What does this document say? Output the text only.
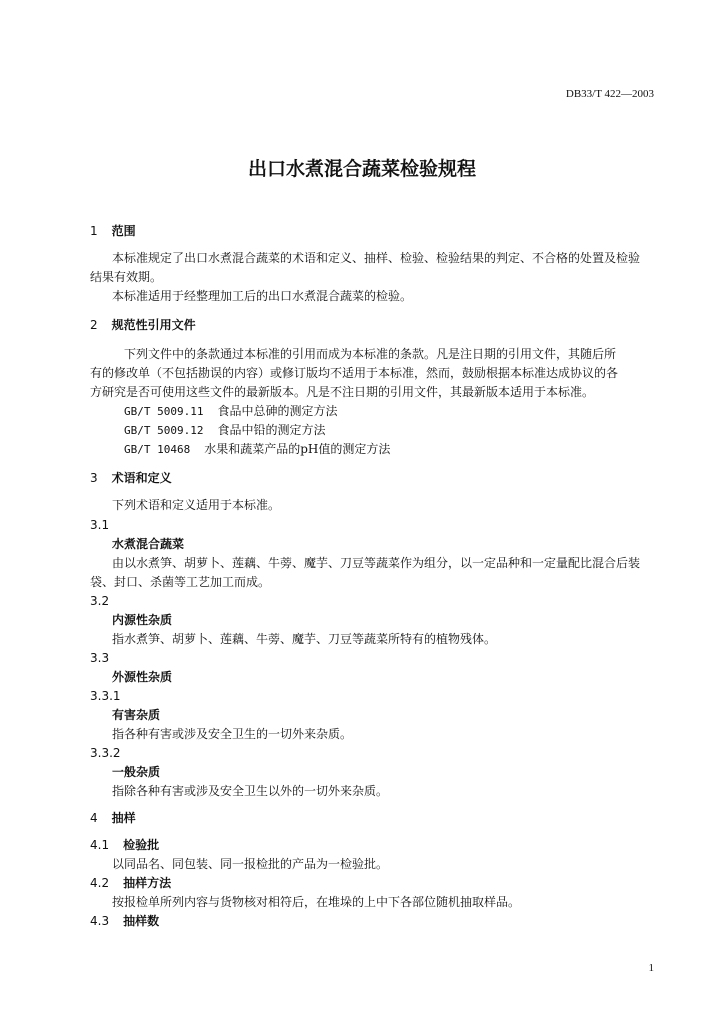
DB33/T 422—2003
出口水煮混合蔬菜检验规程
1 范围
本标准规定了出口水煮混合蔬菜的术语和定义、抽样、检验、检验结果的判定、不合格的处置及检验
结果有效期。
本标准适用于经整理加工后的出口水煮混合蔬菜的检验。
2 规范性引用文件
下列文件中的条款通过本标准的引用而成为本标准的条款。凡是注日期的引用文件，其随后所
有的修改单（不包括勘误的内容）或修订版均不适用于本标准，然而，鼓励根据本标准达成协议的各
方研究是否可使用这些文件的最新版本。凡是不注日期的引用文件，其最新版本适用于本标准。
GB/T 5009.11 食品中总砷的测定方法
GB/T 5009.12 食品中铅的测定方法
GB/T 10468 水果和蔬菜产品的pH值的测定方法
3 术语和定义
下列术语和定义适用于本标准。
3.1
水煮混合蔬菜
由以水煮笋、胡萝卜、莲藕、牛蒡、魔芋、刀豆等蔬菜作为组分，以一定品种和一定量配比混合后装
袋、封口、杀菌等工艺加工而成。
3.2
内源性杂质
指水煮笋、胡萝卜、莲藕、牛蒡、魔芋、刀豆等蔬菜所特有的植物残体。
3.3
外源性杂质
3.3.1
有害杂质
指各种有害或涉及安全卫生的一切外来杂质。
3.3.2
一般杂质
指除各种有害或涉及安全卫生以外的一切外来杂质。
4 抽样
4.1 检验批
以同品名、同包装、同一报检批的产品为一检验批。
4.2 抽样方法
按报检单所列内容与货物核对相符后，在堆垛的上中下各部位随机抽取样品。
4.3 抽样数
1
